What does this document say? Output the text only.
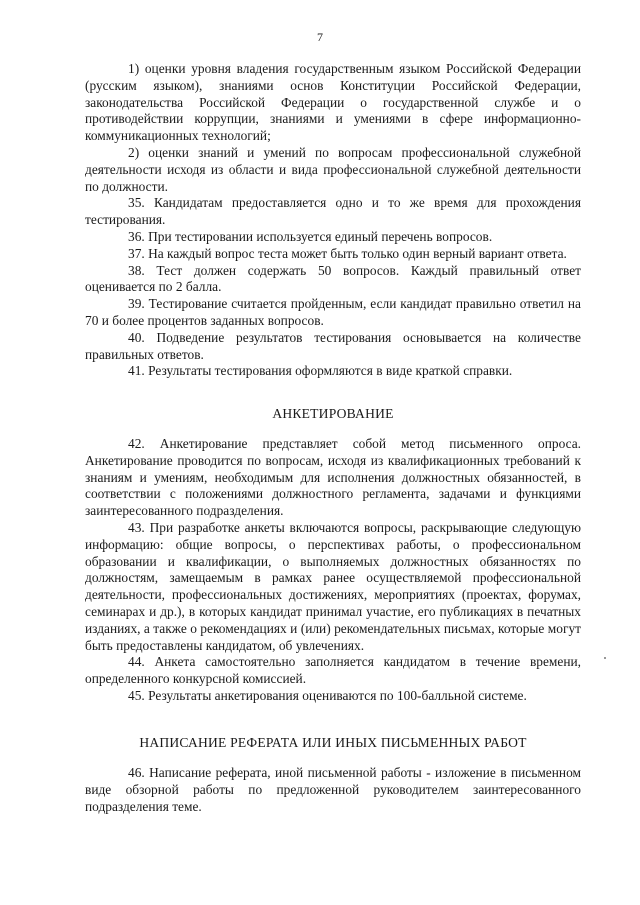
7

1) оценки уровня владения государственным языком Российской Федерации (русским языком), знаниями основ Конституции Российской Федерации, законодательства Российской Федерации о государственной службе и о противодействии коррупции, знаниями и умениями в сфере информационно-коммуникационных технологий;

2) оценки знаний и умений по вопросам профессиональной служебной деятельности исходя из области и вида профессиональной служебной деятельности по должности.

35. Кандидатам предоставляется одно и то же время для прохождения тестирования.

36. При тестировании используется единый перечень вопросов.

37. На каждый вопрос теста может быть только один верный вариант ответа.

38. Тест должен содержать 50 вопросов. Каждый правильный ответ оценивается по 2 балла.

39. Тестирование считается пройденным, если кандидат правильно ответил на 70 и более процентов заданных вопросов.

40. Подведение результатов тестирования основывается на количестве правильных ответов.

41. Результаты тестирования оформляются в виде краткой справки.

АНКЕТИРОВАНИЕ

42. Анкетирование представляет собой метод письменного опроса. Анкетирование проводится по вопросам, исходя из квалификационных требований к знаниям и умениям, необходимым для исполнения должностных обязанностей, в соответствии с положениями должностного регламента, задачами и функциями заинтересованного подразделения.

43. При разработке анкеты включаются вопросы, раскрывающие следующую информацию: общие вопросы, о перспективах работы, о профессиональном образовании и квалификации, о выполняемых должностных обязанностях по должностям, замещаемым в рамках ранее осуществляемой профессиональной деятельности, профессиональных достижениях, мероприятиях (проектах, форумах, семинарах и др.), в которых кандидат принимал участие, его публикациях в печатных изданиях, а также о рекомендациях и (или) рекомендательных письмах, которые могут быть предоставлены кандидатом, об увлечениях.

44. Анкета самостоятельно заполняется кандидатом в течение времени, определенного конкурсной комиссией.

45. Результаты анкетирования оцениваются по 100-балльной системе.

НАПИСАНИЕ РЕФЕРАТА ИЛИ ИНЫХ ПИСЬМЕННЫХ РАБОТ

46. Написание реферата, иной письменной работы - изложение в письменном виде обзорной работы по предложенной руководителем заинтересованного подразделения теме.
